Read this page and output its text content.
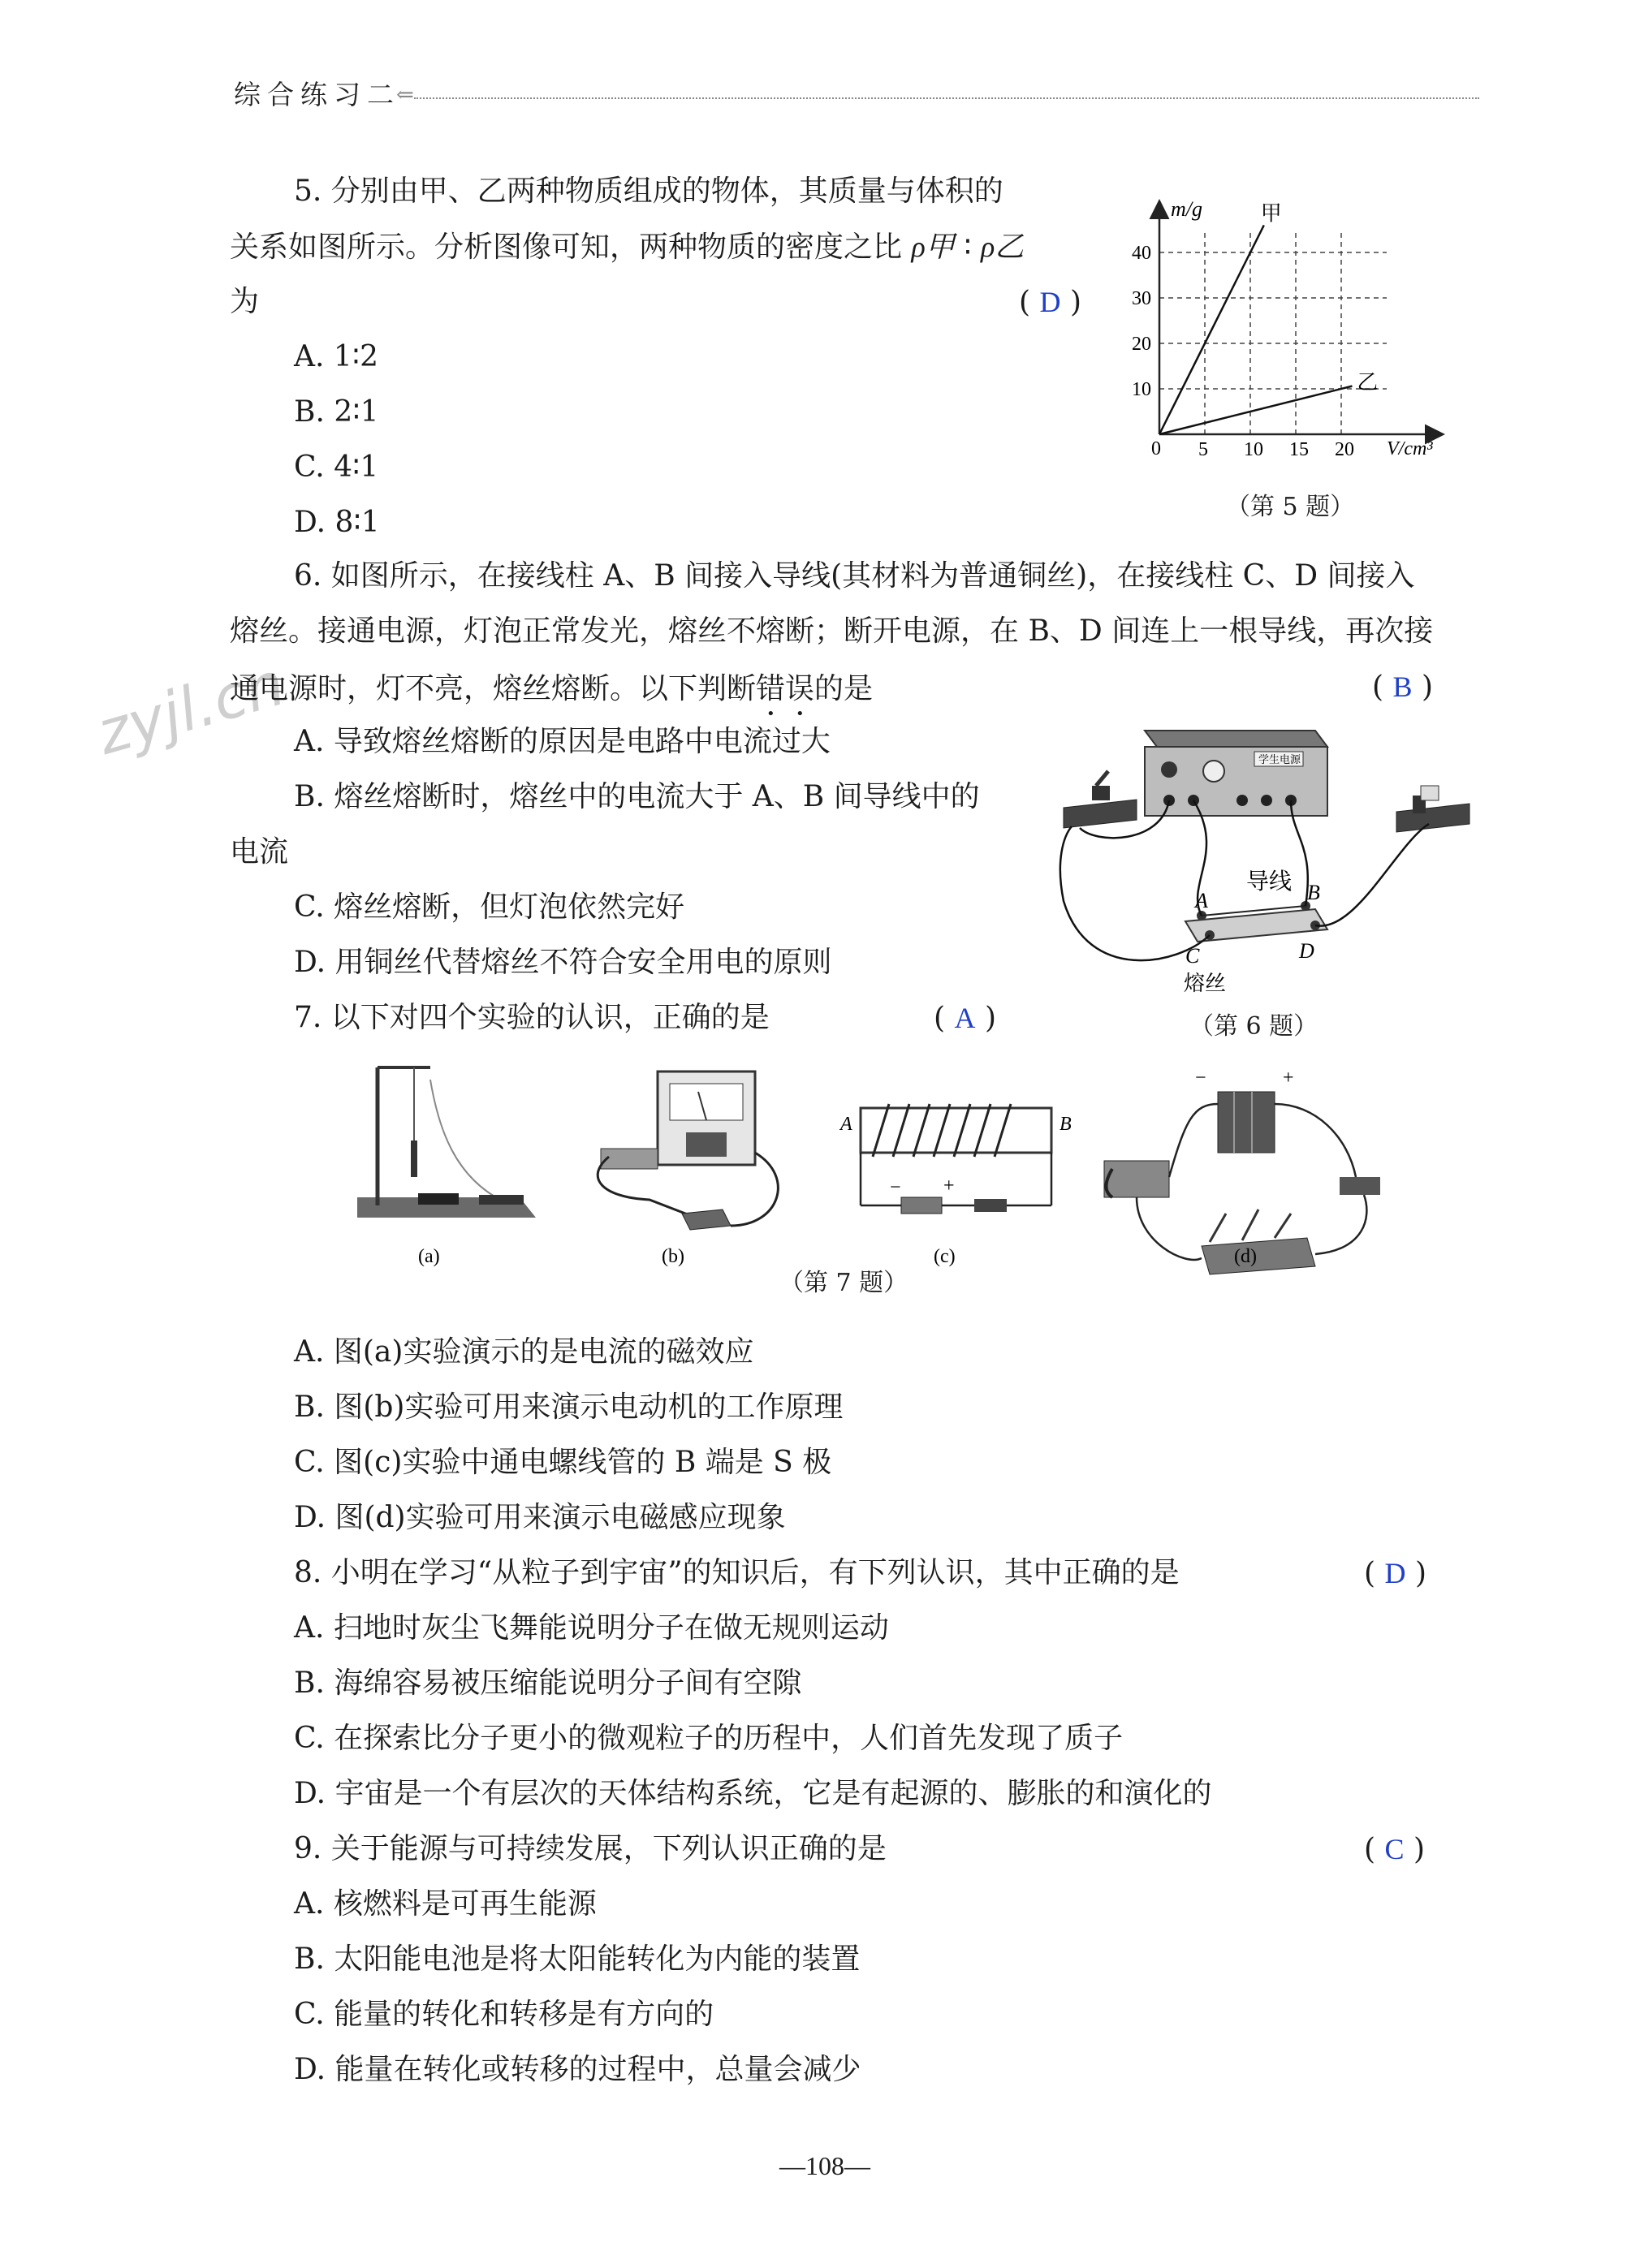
综合练习二
⇐
zyjl.cn
5. 分别由甲、乙两种物质组成的物体，其质量与体积的
关系如图所示。分析图像可知，两种物质的密度之比 ρ甲 ∶ ρ乙
为	( D )
A. 1∶2
B. 2∶1
C. 4∶1
D. 8∶1
5 10 15 20
10
20
30
40
甲
乙
m/g
V/cm³
0
（第 5 题）
6. 如图所示，在接线柱 A、B 间接入导线(其材料为普通铜丝)，在接线柱 C、D 间接入
熔丝。接通电源，灯泡正常发光，熔丝不熔断；断开电源，在 B、D 间连上一根导线，再次接
通电源时，灯不亮，熔丝熔断。以下判断错误的是	( B )
A. 导致熔丝熔断的原因是电路中电流过大
B. 熔丝熔断时，熔丝中的电流大于 A、B 间导线中的
电流
C. 熔丝熔断，但灯泡依然完好
D. 用铜丝代替熔丝不符合安全用电的原则
学生电源
导线
A	B
C	D
熔丝
7. 以下对四个实验的认识，正确的是	( A )	（第 6 题）
A	B
− +
−	+
(a)	(b)	(c)	(d)
（第 7 题）
A. 图(a)实验演示的是电流的磁效应
B. 图(b)实验可用来演示电动机的工作原理
C. 图(c)实验中通电螺线管的 B 端是 S 极
D. 图(d)实验可用来演示电磁感应现象
8. 小明在学习“从粒子到宇宙”的知识后，有下列认识，其中正确的是	( D )
A. 扫地时灰尘飞舞能说明分子在做无规则运动
B. 海绵容易被压缩能说明分子间有空隙
C. 在探索比分子更小的微观粒子的历程中，人们首先发现了质子
D. 宇宙是一个有层次的天体结构系统，它是有起源的、膨胀的和演化的
9. 关于能源与可持续发展，下列认识正确的是	( C )
A. 核燃料是可再生能源
B. 太阳能电池是将太阳能转化为内能的装置
C. 能量的转化和转移是有方向的
D. 能量在转化或转移的过程中，总量会减少
—108—
